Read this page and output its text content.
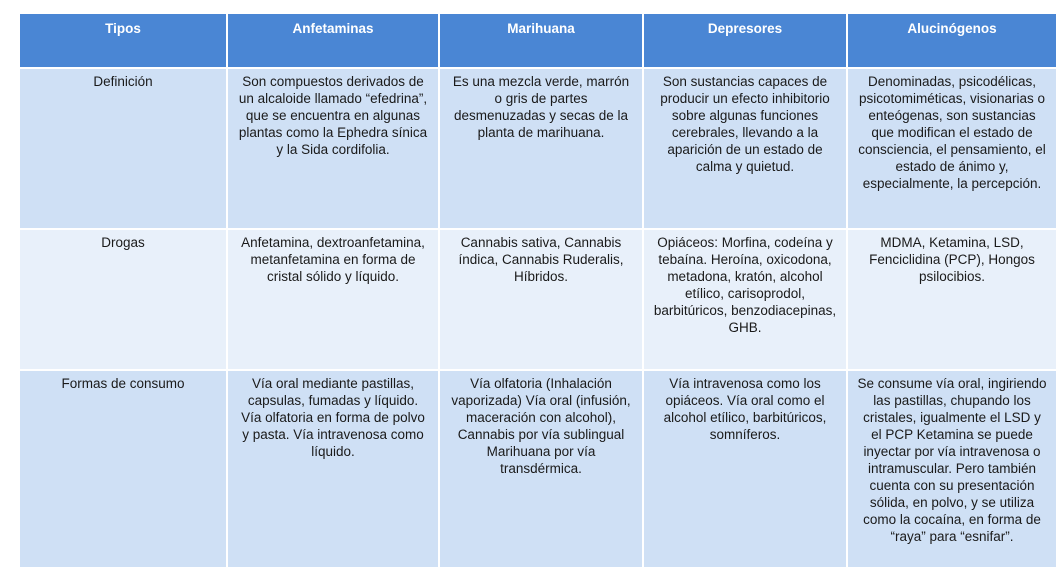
Tipos	Anfetaminas	Marihuana	Depresores	Alucinógenos
Definición	Son compuestos derivados de un alcaloide llamado “efedrina”, que se encuentra en algunas plantas como la Ephedra sínica y la Sida cordifolia.	Es una mezcla verde, marrón o gris de partes desmenuzadas y secas de la planta de marihuana.	Son sustancias capaces de producir un efecto inhibitorio sobre algunas funciones cerebrales, llevando a la aparición de un estado de calma y quietud.	Denominadas, psicodélicas, psicotomiméticas, visionarias o enteógenas, son sustancias que modifican el estado de consciencia, el pensamiento, el estado de ánimo y, especialmente, la percepción.
Drogas	Anfetamina, dextroanfetamina, metanfetamina en forma de cristal sólido y líquido.	Cannabis sativa, Cannabis índica, Cannabis Ruderalis, Híbridos.	Opiáceos: Morfina, codeína y tebaína. Heroína, oxicodona, metadona, kratón, alcohol etílico, carisoprodol, barbitúricos, benzodiacepinas, GHB.	MDMA, Ketamina, LSD, Fenciclidina (PCP), Hongos psilocibios.
Formas de consumo	Vía oral mediante pastillas, capsulas, fumadas y líquido. Vía olfatoria en forma de polvo y pasta. Vía intravenosa como líquido.	Vía olfatoria (Inhalación vaporizada) Vía oral (infusión, maceración con alcohol), Cannabis por vía sublingual Marihuana por vía transdérmica.	Vía intravenosa como los opiáceos. Vía oral como el alcohol etílico, barbitúricos, somníferos.	Se consume vía oral, ingiriendo las pastillas, chupando los cristales, igualmente el LSD y el PCP Ketamina se puede inyectar por vía intravenosa o intramuscular. Pero también cuenta con su presentación sólida, en polvo, y se utiliza como la cocaína, en forma de “raya” para “esnifar”.
